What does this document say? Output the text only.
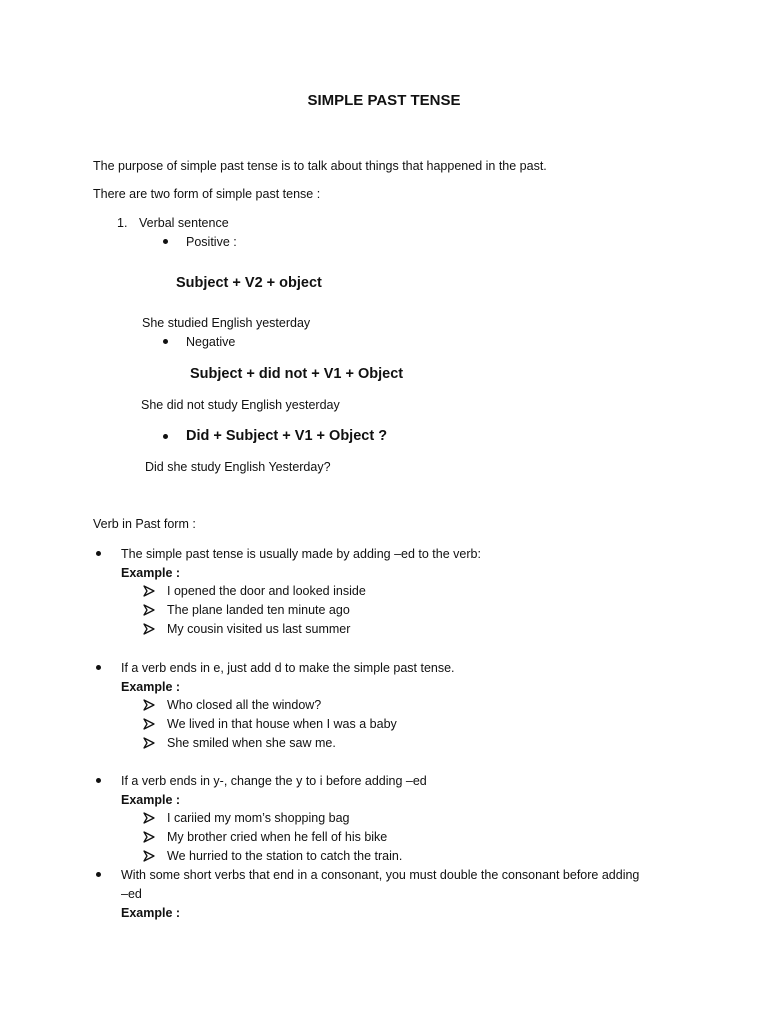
SIMPLE PAST TENSE
The purpose of simple past tense is to talk about things that happened in the past.
There are two form of simple past tense :
1. Verbal sentence
Positive :
Subject + V2 + object
She studied English yesterday
Negative
Subject + did not + V1 + Object
She did not study English yesterday
Did + Subject + V1 + Object ?
Did she study English Yesterday?
Verb in Past form :
The simple past tense is usually made by adding –ed to the verb:
Example :
I opened the door and looked inside
The plane landed ten minute ago
My cousin visited us last summer
If a verb ends in e, just add d to make the simple past tense.
Example :
Who closed all the window?
We lived in that house when I was a baby
She smiled when she saw me.
If a verb ends in y-, change the y to i before adding –ed
Example :
I cariied my mom’s shopping bag
My brother cried when he fell of his bike
We hurried to the station to catch the train.
With some short verbs that end in a consonant, you must double the consonant before adding
–ed
Example :
